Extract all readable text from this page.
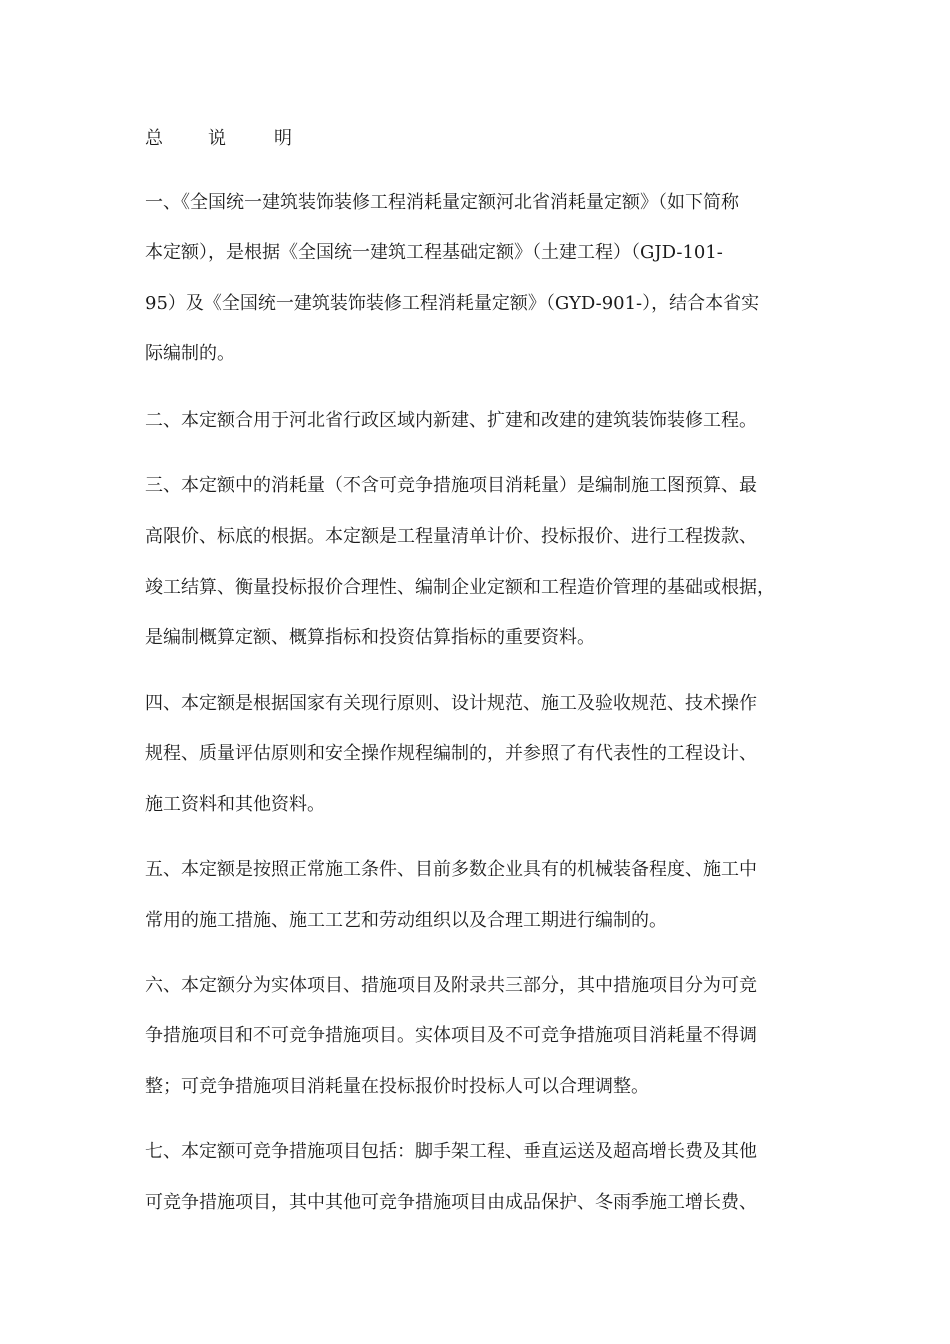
总	说	明
一、《全国统一建筑装饰装修工程消耗量定额河北省消耗量定额》（如下简称
本定额），是根据《全国统一建筑工程基础定额》（土建工程）（GJD-101-
95）及《全国统一建筑装饰装修工程消耗量定额》（GYD-901-），结合本省实
际编制的。
二、本定额合用于河北省行政区域内新建、扩建和改建的建筑装饰装修工程。
三、本定额中的消耗量（不含可竞争措施项目消耗量）是编制施工图预算、最
高限价、标底的根据。本定额是工程量清单计价、投标报价、进行工程拨款、
竣工结算、衡量投标报价合理性、编制企业定额和工程造价管理的基础或根据，
是编制概算定额、概算指标和投资估算指标的重要资料。
四、本定额是根据国家有关现行原则、设计规范、施工及验收规范、技术操作
规程、质量评估原则和安全操作规程编制的，并参照了有代表性的工程设计、
施工资料和其他资料。
五、本定额是按照正常施工条件、目前多数企业具有的机械装备程度、施工中
常用的施工措施、施工工艺和劳动组织以及合理工期进行编制的。
六、本定额分为实体项目、措施项目及附录共三部分，其中措施项目分为可竞
争措施项目和不可竞争措施项目。实体项目及不可竞争措施项目消耗量不得调
整；可竞争措施项目消耗量在投标报价时投标人可以合理调整。
七、本定额可竞争措施项目包括：脚手架工程、垂直运送及超高增长费及其他
可竞争措施项目，其中其他可竞争措施项目由成品保护、冬雨季施工增长费、
